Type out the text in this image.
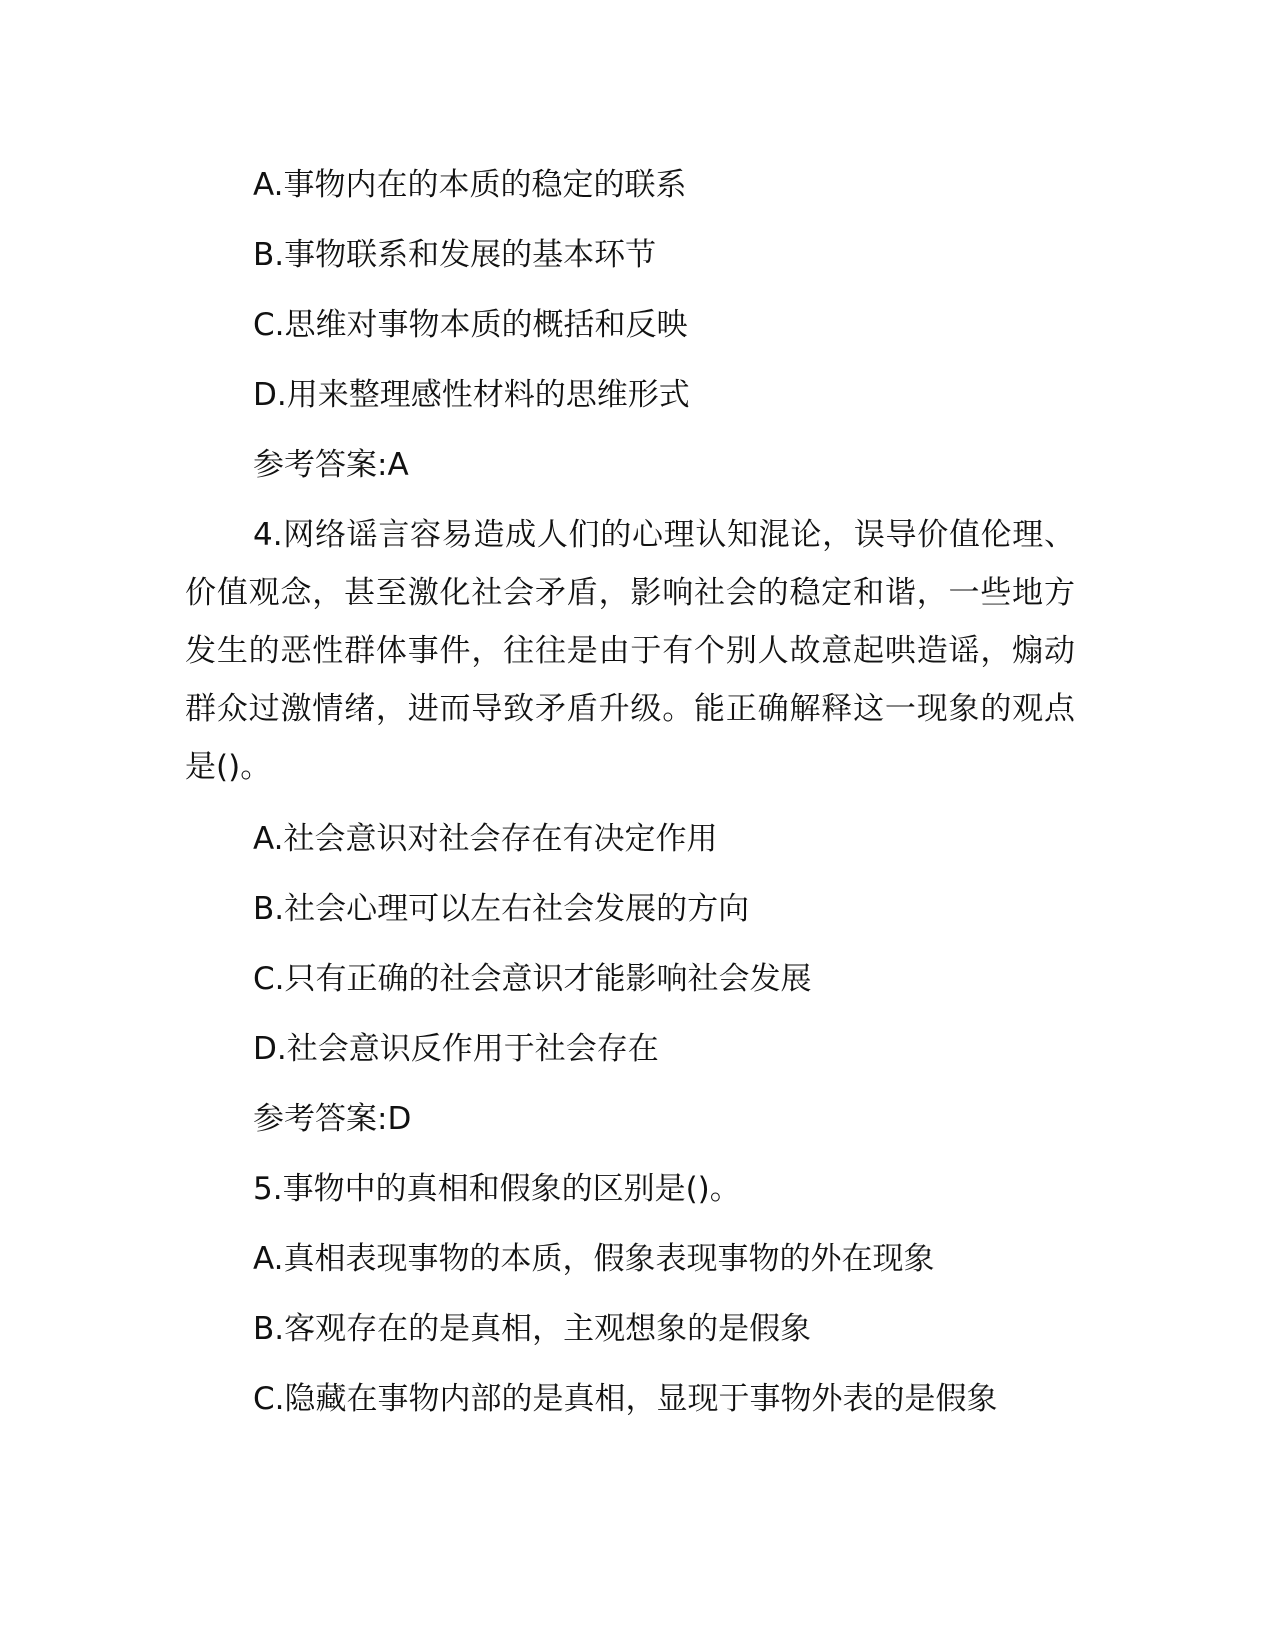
A.事物内在的本质的稳定的联系

B.事物联系和发展的基本环节

C.思维对事物本质的概括和反映

D.用来整理感性材料的思维形式

参考答案:A

4.网络谣言容易造成人们的心理认知混论，误导价值伦理、价值观念，甚至激化社会矛盾，影响社会的稳定和谐，一些地方发生的恶性群体事件，往往是由于有个别人故意起哄造谣，煽动群众过激情绪，进而导致矛盾升级。能正确解释这一现象的观点是()。

A.社会意识对社会存在有决定作用

B.社会心理可以左右社会发展的方向

C.只有正确的社会意识才能影响社会发展

D.社会意识反作用于社会存在

参考答案:D

5.事物中的真相和假象的区别是()。

A.真相表现事物的本质，假象表现事物的外在现象

B.客观存在的是真相，主观想象的是假象

C.隐藏在事物内部的是真相，显现于事物外表的是假象
